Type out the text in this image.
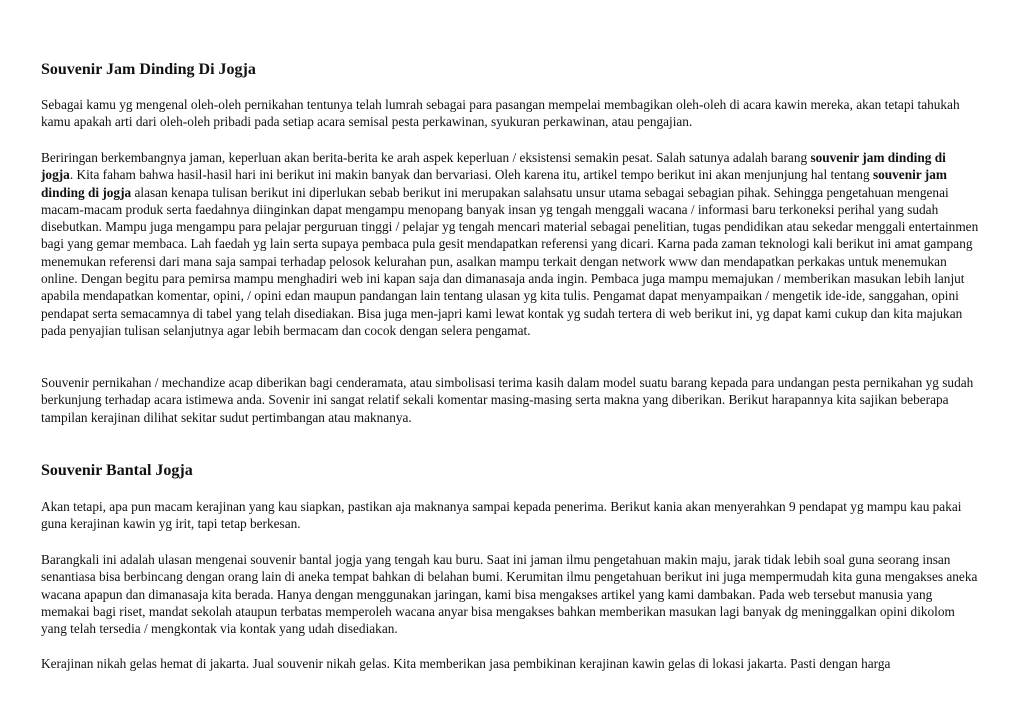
Souvenir Jam Dinding Di Jogja

Sebagai kamu yg mengenal oleh-oleh pernikahan tentunya telah lumrah sebagai para pasangan mempelai membagikan oleh-oleh di acara kawin mereka, akan tetapi tahukah kamu apakah arti dari oleh-oleh pribadi pada setiap acara semisal pesta perkawinan, syukuran perkawinan, atau pengajian.

Beriringan berkembangnya jaman, keperluan akan berita-berita ke arah aspek keperluan / eksistensi semakin pesat. Salah satunya adalah barang souvenir jam dinding di jogja. Kita faham bahwa hasil-hasil hari ini berikut ini makin banyak dan bervariasi. Oleh karena itu, artikel tempo berikut ini akan menjunjung hal tentang souvenir jam dinding di jogja alasan kenapa tulisan berikut ini diperlukan sebab berikut ini merupakan salahsatu unsur utama sebagai sebagian pihak. Sehingga pengetahuan mengenai macam-macam produk serta faedahnya diinginkan dapat mengampu menopang banyak insan yg tengah menggali wacana / informasi baru terkoneksi perihal yang sudah disebutkan. Mampu juga mengampu para pelajar perguruan tinggi / pelajar yg tengah mencari material sebagai penelitian, tugas pendidikan atau sekedar menggali entertainmen bagi yang gemar membaca. Lah faedah yg lain serta supaya pembaca pula gesit mendapatkan referensi yang dicari. Karna pada zaman teknologi kali berikut ini amat gampang menemukan referensi dari mana saja sampai terhadap pelosok kelurahan pun, asalkan mampu terkait dengan network www dan mendapatkan perkakas untuk menemukan online. Dengan begitu para pemirsa mampu menghadiri web ini kapan saja dan dimanasaja anda ingin. Pembaca juga mampu memajukan / memberikan masukan lebih lanjut apabila mendapatkan komentar, opini, / opini edan maupun pandangan lain tentang ulasan yg kita tulis. Pengamat dapat menyampaikan / mengetik ide-ide, sanggahan, opini pendapat serta semacamnya di tabel yang telah disediakan. Bisa juga men-japri kami lewat kontak yg sudah tertera di web berikut ini, yg dapat kami cukup dan kita majukan pada penyajian tulisan selanjutnya agar lebih bermacam dan cocok dengan selera pengamat.

Souvenir pernikahan / mechandize acap diberikan bagi cenderamata, atau simbolisasi terima kasih dalam model suatu barang kepada para undangan pesta pernikahan yg sudah berkunjung terhadap acara istimewa anda. Sovenir ini sangat relatif sekali komentar masing-masing serta makna yang diberikan. Berikut harapannya kita sajikan beberapa tampilan kerajinan dilihat sekitar sudut pertimbangan atau maknanya.

Souvenir Bantal Jogja

Akan tetapi, apa pun macam kerajinan yang kau siapkan, pastikan aja maknanya sampai kepada penerima. Berikut kania akan menyerahkan 9 pendapat yg mampu kau pakai guna kerajinan kawin yg irit, tapi tetap berkesan.

Barangkali ini adalah ulasan mengenai souvenir bantal jogja yang tengah kau buru. Saat ini jaman ilmu pengetahuan makin maju, jarak tidak lebih soal guna seorang insan senantiasa bisa berbincang dengan orang lain di aneka tempat bahkan di belahan bumi. Kerumitan ilmu pengetahuan berikut ini juga mempermudah kita guna mengakses aneka wacana apapun dan dimanasaja kita berada. Hanya dengan menggunakan jaringan, kami bisa mengakses artikel yang kami dambakan. Pada web tersebut manusia yang memakai bagi riset, mandat sekolah ataupun terbatas memperoleh wacana anyar bisa mengakses bahkan memberikan masukan lagi banyak dg meninggalkan opini dikolom yang telah tersedia / mengkontak via kontak yang udah disediakan.

Kerajinan nikah gelas hemat di jakarta. Jual souvenir nikah gelas. Kita memberikan jasa pembikinan kerajinan kawin gelas di lokasi jakarta. Pasti dengan harga
